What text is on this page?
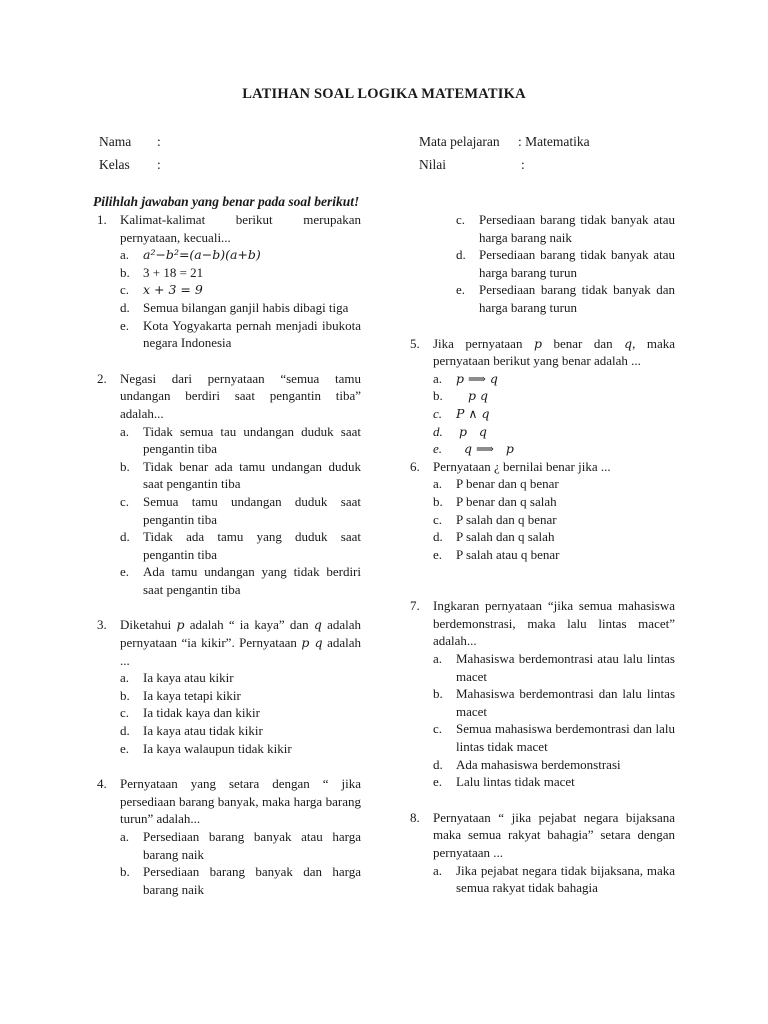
LATIHAN SOAL LOGIKA MATEMATIKA
Nama :
Kelas :
Mata pelajaran : Matematika
Nilai	:
Pilihlah jawaban yang benar pada soal berikut!
1.	Kalimat-kalimat berikut merupakan pernyataan, kecuali...
a. a²−b²=(a−b)(a+b)
b. 3 + 18 = 21
c. x + 3 = 9
d. Semua bilangan ganjil habis dibagi tiga
e. Kota Yogyakarta pernah menjadi ibukota negara Indonesia
2.	Negasi dari pernyataan “semua tamu undangan berdiri saat pengantin tiba” adalah...
a. Tidak semua tau undangan duduk saat pengantin tiba
b. Tidak benar ada tamu undangan duduk saat pengantin tiba
c. Semua tamu undangan duduk saat pengantin tiba
d. Tidak ada tamu yang duduk saat pengantin tiba
e. Ada tamu undangan yang tidak berdiri saat pengantin tiba
3.	Diketahui p adalah “ ia kaya” dan q adalah pernyataan “ia kikir”. Pernyataan p q adalah ...
a. Ia kaya atau kikir
b. Ia kaya tetapi kikir
c. Ia tidak kaya dan kikir
d. Ia kaya atau tidak kikir
e. Ia kaya walaupun tidak kikir
4.	Pernyataan yang setara dengan “ jika persediaan barang banyak, maka harga barang turun” adalah...
a. Persediaan barang banyak atau harga barang naik
b. Persediaan barang banyak dan harga barang naik
c. Persediaan barang tidak banyak atau harga barang naik
d. Persediaan barang tidak banyak atau harga barang turun
e. Persediaan barang tidak banyak dan harga barang turun
5.	Jika pernyataan p benar dan q, maka pernyataan berikut yang benar adalah ...
a. p ⟹ q
b.	p q
c. P ∧ q
d. p   q
e.	q ⟹   p
6.	Pernyataan ¿ bernilai benar jika ...
a. P benar dan q benar
b. P benar dan q salah
c. P salah dan q benar
d. P salah dan q salah
e. P salah atau q benar
7.	Ingkaran pernyataan “jika semua mahasiswa berdemonstrasi, maka lalu lintas macet” adalah...
a. Mahasiswa berdemontrasi atau lalu lintas macet
b. Mahasiswa berdemontrasi dan lalu lintas macet
c. Semua mahasiswa berdemontrasi dan lalu lintas tidak macet
d. Ada mahasiswa berdemonstrasi
e. Lalu lintas tidak macet
8.	Pernyataan “ jika pejabat negara bijaksana maka semua rakyat bahagia” setara dengan pernyataan ...
a. Jika pejabat negara tidak bijaksana, maka semua rakyat tidak bahagia
